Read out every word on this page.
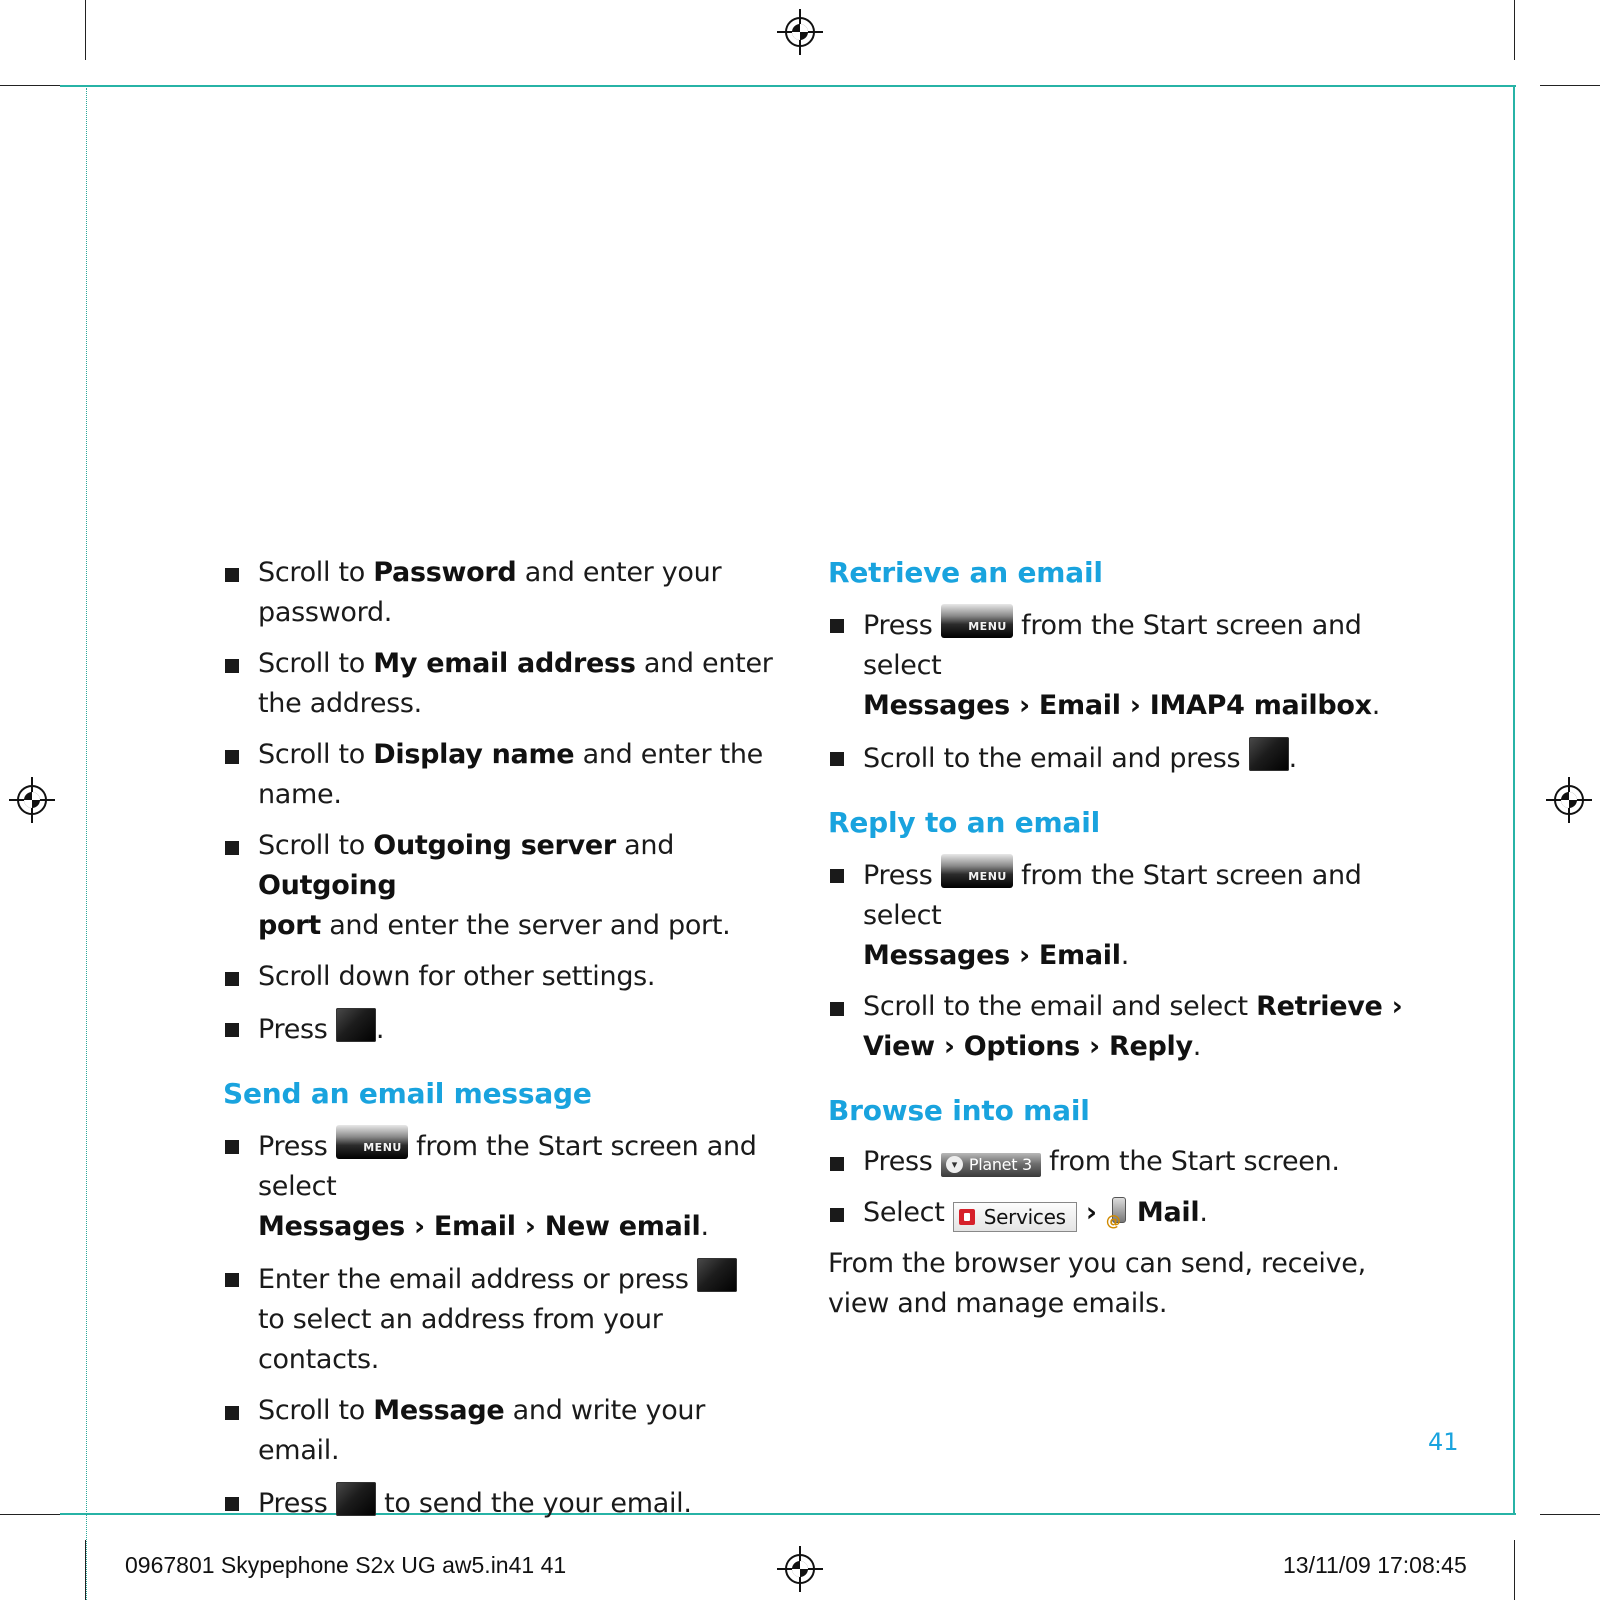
Scroll to Password and enter your password.
Scroll to My email address and enter
the address.
Scroll to Display name and enter the name.
Scroll to Outgoing server and Outgoing
port and enter the server and port.
Scroll down for other settings.
Press .
Send an email message
Press MENU from the Start screen and select
Messages › Email › New email.
Enter the email address or press
to select an address from your contacts.
Scroll to Message and write your email.
Press  to send the your email.
Retrieve an email
Press MENU from the Start screen and select
Messages › Email › IMAP4 mailbox.
Scroll to the email and press .
Reply to an email
Press MENU from the Start screen and select
Messages › Email.
Scroll to the email and select Retrieve ›
View › Options › Reply.
Browse into mail
Press ▾ Planet 3 from the Start screen.
Select
Services › @ Mail.
From the browser you can send, receive,
view and manage emails.
41
0967801 Skypephone S2x UG aw5.in41 41	13/11/09 17:08:45
